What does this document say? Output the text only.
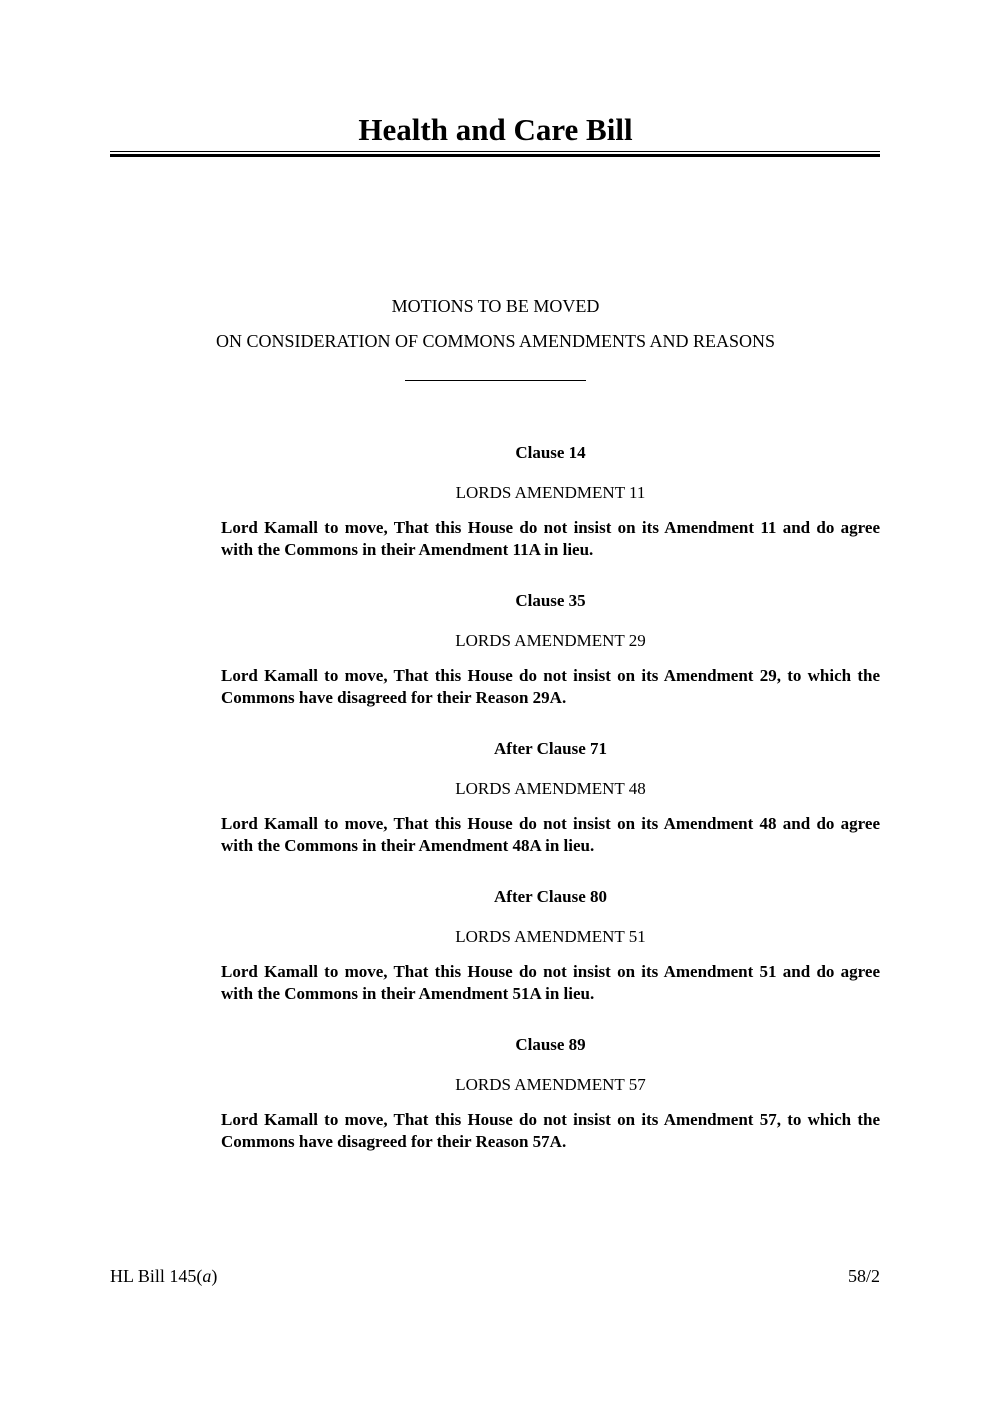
Health and Care Bill
MOTIONS TO BE MOVED
ON CONSIDERATION OF COMMONS AMENDMENTS AND REASONS
Clause 14
LORDS AMENDMENT 11
Lord Kamall to move, That this House do not insist on its Amendment 11 and do agree with the Commons in their Amendment 11A in lieu.
Clause 35
LORDS AMENDMENT 29
Lord Kamall to move, That this House do not insist on its Amendment 29, to which the Commons have disagreed for their Reason 29A.
After Clause 71
LORDS AMENDMENT 48
Lord Kamall to move, That this House do not insist on its Amendment 48 and do agree with the Commons in their Amendment 48A in lieu.
After Clause 80
LORDS AMENDMENT 51
Lord Kamall to move, That this House do not insist on its Amendment 51 and do agree with the Commons in their Amendment 51A in lieu.
Clause 89
LORDS AMENDMENT 57
Lord Kamall to move, That this House do not insist on its Amendment 57, to which the Commons have disagreed for their Reason 57A.
HL Bill 145(a)	58/2
